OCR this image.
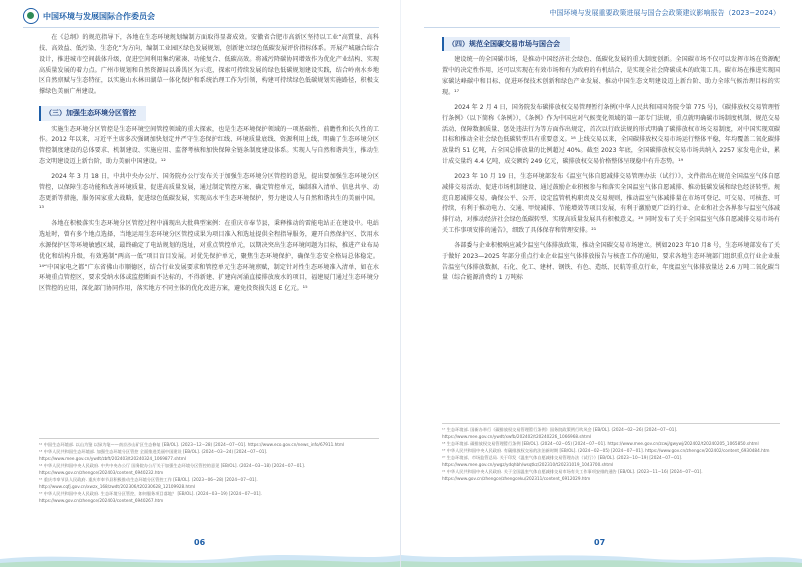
中国环境与发展国际合作委员会

在《总纲》的规范指导下，各地在生态环境规划编制方面取得显著成效。安徽省合肥市高新区坚持以工业“高質量、高科技、高效益、低污染、生态化”为方向，编制工业园区绿色发展规划，创新建立绿色低碳发展评价指标体系。开展产城融合综合设计，推进城市空间载体升级，促进空间利用集约紧凑、功能复合、低碳高效。将减污降碳协同增效作为优化产业结构、实现高质量发展的着力点。广州市规划和自然资源局以番禺区为示范，探索可持续发展的绿色低碳规划建设实践，结合岭南水乡地区自然禀赋与生态特征，以实施山水林田湖草一体化保护和系统治理工作为引领，构建可持续绿色低碳规划实施路径，积极支撑绿色美丽广州建设。

（三）加强生态环境分区管控

实施生态环境分区管控是生态环境空间管控领域的重大探索，也是生态环境保护领域的一项基础性、前瞻性和长久性的工作。2012 年以来，习近平主席多次强调加快划定并严守生态保护红线、环境质量底线、资源利用上线，明确了生态环境分区管控制度建设的总体要求、机制建设、实施应用、监督考核和加快保障全链条制度建设体系。实现人与自然和谐共生，推动生态文明建设迈上新台阶，助力美丽中国建设。¹²

2024 年 3 月 18 日，中共中央办公厅、国务院办公厅发布关于加强生态环境分区管控的意见，提出要加强生态环境分区管控，以保障生态功能和改善环境质量，促进高质量发展，通过制定管控方案、确定管控单元，编制准入清单、信息共享、动态更新等措施，服务国家重大战略，促进绿色低碳发展，实现高水平生态环境保护，努力建设人与自然和谐共生的美丽中国。¹³

各地在积极落实生态环境分区管控过程中涌现出大批典型案例：在重庆市奉节县，秉释推动的雷能电站正在建设中。电站选址时，曾有多个地点选择，当地运用生态环境分区管控成果为项目准入和选址提供全程指导服务，避开自然保护区、饮用水水源保护区等环境敏感区域，最终确定了电站规划的选址，对重点管控单元，以期决突出生态环境问题为目标，推进产业布局优化和结构升级，有效遏制“两高一低”项目盲目发展。对优先保护单元，聚焦生态环境保护，确保生态安全格局总体稳定。¹⁴“中国家电之都”广东省佛山市顺德区，结合行业发展要求和管控单元生态环境禀赋，制定针对性生态环境准入清单，如在水环境重点管控区，要求受纳水体或监控断面不达标的，不得新建、扩建向河涌直接排放废水的项目，福建厦门通过生态环境分区管控的应用，深化部门协同作用，落实地方不同主体的优化改进方案，避免投资损失返 E 亿元。¹⁵

¹² 中国生态环境部. 以山为鉴 以绿为笔——南京沙山矿区生态修复 [EB/OL]. (2023−12−28) [2024−07−01]. https://www.eco.gov.cn/news_info/67911.html
¹³ 中华人民共和国生态环境部. 加强生态环境分区管控 全面推进美丽中国建设 [EB/OL]. (2024−03−24) [2024−07−01]. https://www.mee.gov.cn/ywdt/zbft/202403/t20240324_1069877.shtml
¹⁴ 中华人民共和国中央人民政府. 中共中央办公厅 国务院办公厅关于加强生态环境分区管控的意见 [EB/OL]. (2024−03−18) [2024−07−01]. https://www.gov.cn/zhengce/202403/content_6940232.htm
¹⁵ 重庆市奉节县人民政府. 重庆市奉节县积极推动生态环境分区管控工作 [EB/OL]. (2023−06−28) [2024−07−01]. http://www.cqfj.gov.cn/xwzx_168/zwdt/202306/t20230628_12109928.html
¹⁶ 中华人民共和国中央人民政府. 生态环境分区管控，如何服务项目落地？ [EB/OL]. (2024−03−19) [2024−07−01]. https://www.gov.cn/zhengce/202403/content_6940267.htm
06
中国环境与发展重要政策进展与国合会政策建议影响报告（2023−2024）
（四）规范全国碳交易市场与国合会

建设统一的全国碳市场，是推动中国经济社会绿色、低碳化发展的重大制度创新。全国碳市场不仅可以发挥市场在资源配置中的决定性作用，还可以实现在有效市场和有为政府的有机结合，是实现全社会降碳成本的政策工具。碳市场在推进实现国家碳达峰碳中和目标、促进环保技术创新和绿色产业发展、推动中国生态文明建设迈上新台阶、助力全球气候治理目标的实现。¹⁷

2024 年 2 月 4 日，国务院发布碳排放权交易管理暂行条例(中华人民共和国国务院令第 775 号)，《碳排放权交易管理暂行条例》（以下简称《条例》），《条例》作为中国应对气候变化领域的第一部专门法规，重点就明确碳市场制度机制、规范交易活动、保障数据质量、惩处违法行为等方面作出规定，首次以行政法规的形式明确了碳排放权市场交易制度，对中国实现双碳目标和推动全社会绿色低碳转型具有重要意义。¹⁸ 上线交易以来，全国碳排放权交易市场运行整体平稳，年均覆盖二氧化碳排放量约 51 亿吨，占全国总排放量的比例超过 40%。截至 2023 年底，全国碳排放权交易市场共纳入 2257 家发电企业，累计成交量约 4.4 亿吨，成交额约 249 亿元，碳排放权交易价格整体呈现稳中有升态势。¹⁹

2023 年 10 月 19 日，生态环境部发布《温室气体自愿减排交易管理办法（试行）》，文件指出在规范全国温室气体自愿减排交易活动、促进市场机制建设、通过鼓励企业积极参与和落实全国温室气体自愿减排、推动低碳发展和绿色经济转型。规范自愿减排交易，确保公平、公开、设定监管机构职责及交易规则，推动温室气体减排量在市场可登记、可交易、可核查、可持续，有利于推动电力、交通、甲烷减排、节能增效等项目发展，有利于激励更广泛的行业、企业和社会各界参与温室气体减排行动，对推动经济社会绿色低碳转型、实现高质量发展具有积极意义。²⁰ 同时发布了关于全国温室气体自愿减排交易市场有关工作事项安排的通告》，细致了具体保存和管理安排。²¹

各部委与企业积极响应减少温室气体排放政策，推动全国碳交易市场建立。例如2023 年10 月8 号，生态环境部发布了关于做好 2023—2025 年部分重点行业企业温室气体排放报告与核查工作的通知，要求各地生态环境部门组织重点行业企业报告温室气体排放数据，石化、化工、建材、钢铁、有色、造纸、民航等重点行业，年度温室气体排放量达 2.6 万吨二氧化碳当量（综合能源消费约 1 万吨标

¹⁷ 生态环境部. 国新办举行《碳排放权交易管理暂行条例》国务院政策例行吹风会 [EB/OL]. (2024−02−26) [2024−07−01]. https://www.mee.gov.cn/ywdt/xwfb/202402/t20240226_1066968.shtml
¹⁸ 生态环境部. 碳排放权交易管理暂行条例 [EB/OL]. (2024−02−05) [2024−07−01]. https://www.mee.gov.cn/zcwj/gwywj/202402/t20240205_1065850.shtml
¹⁹ 中华人民共和国中央人民政府. 有碳排放权交易的法治新时期 [EB/OL]. (2024−02−05) [2024−07−01]. https://www.gov.cn/zhengce/202402/content_6930484.htm
²⁰ 生态环境部、市场监管总局. 关于印发《温室气体自愿减排交易管理办法（试行）》[EB/OL]. (2023−10−19) [2024−07−01]. https://www.mee.gov.cn/ywgz/ydqhbh/wsqtkz/202310/t20231019_1043700.shtml
²¹ 中华人民共和国中央人民政府. 关于全国温室气体自愿减排交易市场有关工作事项安排的通告 [EB/OL]. (2023−11−16) [2024−07−01]. https://www.gov.cn/zhengce/zhengceku/202311/content_6912029.htm
07
